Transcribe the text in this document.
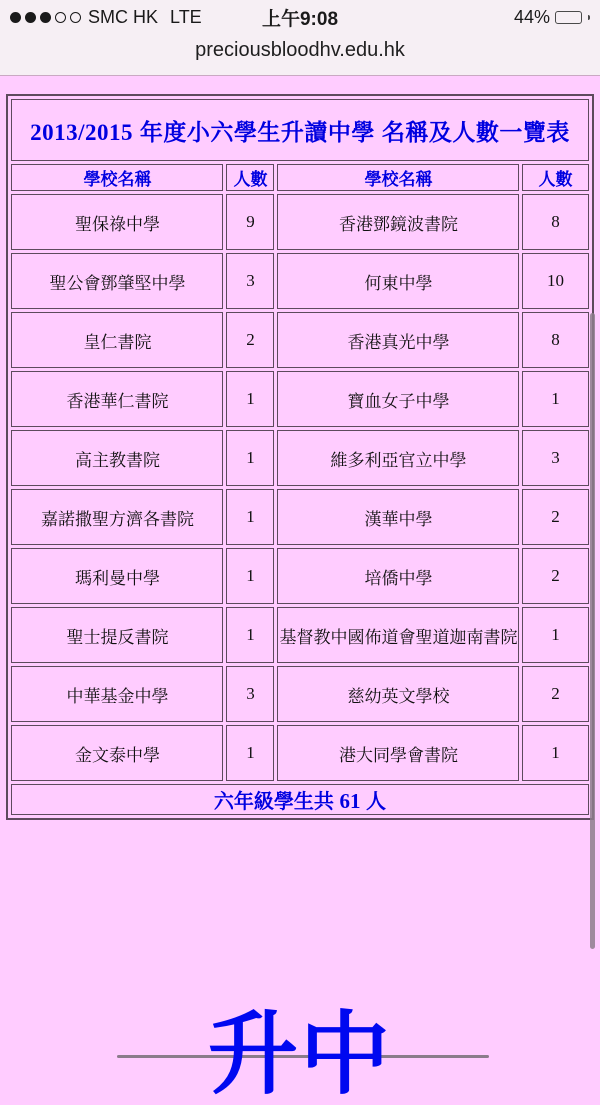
SMC HK LTE	上午9:08	44%
preciousbloodhv.edu.hk
2013/2015 年度小六學生升讀中學 名稱及人數一覽表			
學校名稱	人數	學校名稱	人數
聖保祿中學	9	香港鄧鏡波書院	8
聖公會鄧肇堅中學	3	何東中學	10
皇仁書院	2	香港真光中學	8
香港華仁書院	1	寶血女子中學	1
高主教書院	1	維多利亞官立中學	3
嘉諾撒聖方濟各書院	1	漢華中學	2
瑪利曼中學	1	培僑中學	2
聖士提反書院	1	基督教中國佈道會聖道迦南書院	1
中華基金中學	3	慈幼英文學校	2
金文泰中學	1	港大同學會書院	1
六年級學生共 61 人			
升中
